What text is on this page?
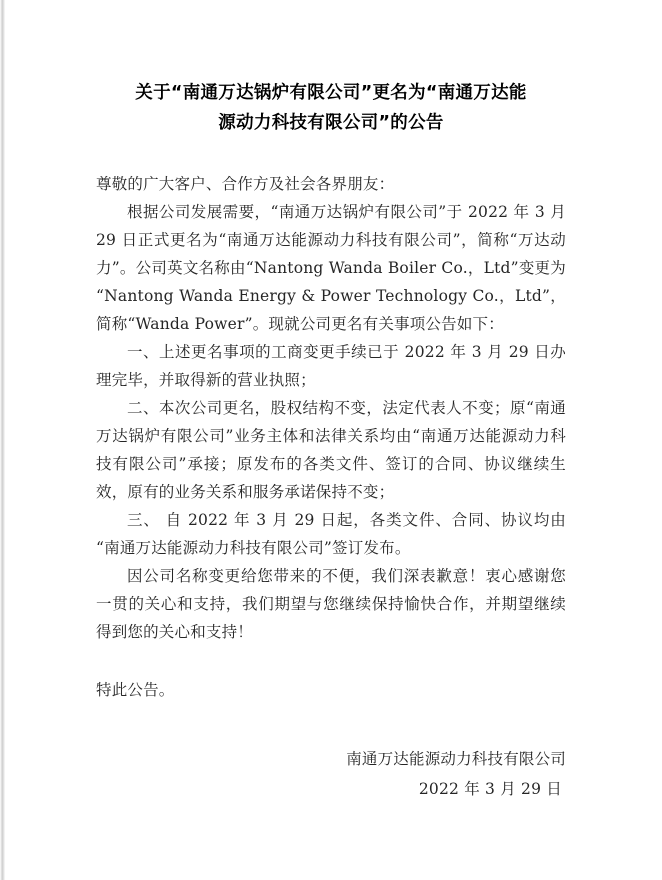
关于“南通万达锅炉有限公司”更名为“南通万达能
源动力科技有限公司”的公告

尊敬的广大客户、合作方及社会各界朋友：

根据公司发展需要，“南通万达锅炉有限公司”于 2022 年 3 月 29 日正式更名为“南通万达能源动力科技有限公司”，简称“万达动力”。公司英文名称由“Nantong Wanda Boiler Co.，Ltd”变更为“Nantong Wanda Energy & Power Technology Co.，Ltd”，简称“Wanda Power”。现就公司更名有关事项公告如下：

一、上述更名事项的工商变更手续已于 2022 年 3 月 29 日办理完毕，并取得新的营业执照；

二、本次公司更名，股权结构不变，法定代表人不变；原“南通万达锅炉有限公司”业务主体和法律关系均由“南通万达能源动力科技有限公司”承接；原发布的各类文件、签订的合同、协议继续生效，原有的业务关系和服务承诺保持不变；

三、 自 2022 年 3 月 29 日起，各类文件、合同、协议均由“南通万达能源动力科技有限公司”签订发布。

因公司名称变更给您带来的不便，我们深表歉意！衷心感谢您一贯的关心和支持，我们期望与您继续保持愉快合作，并期望继续得到您的关心和支持！

特此公告。

南通万达能源动力科技有限公司
2022 年 3 月 29 日
